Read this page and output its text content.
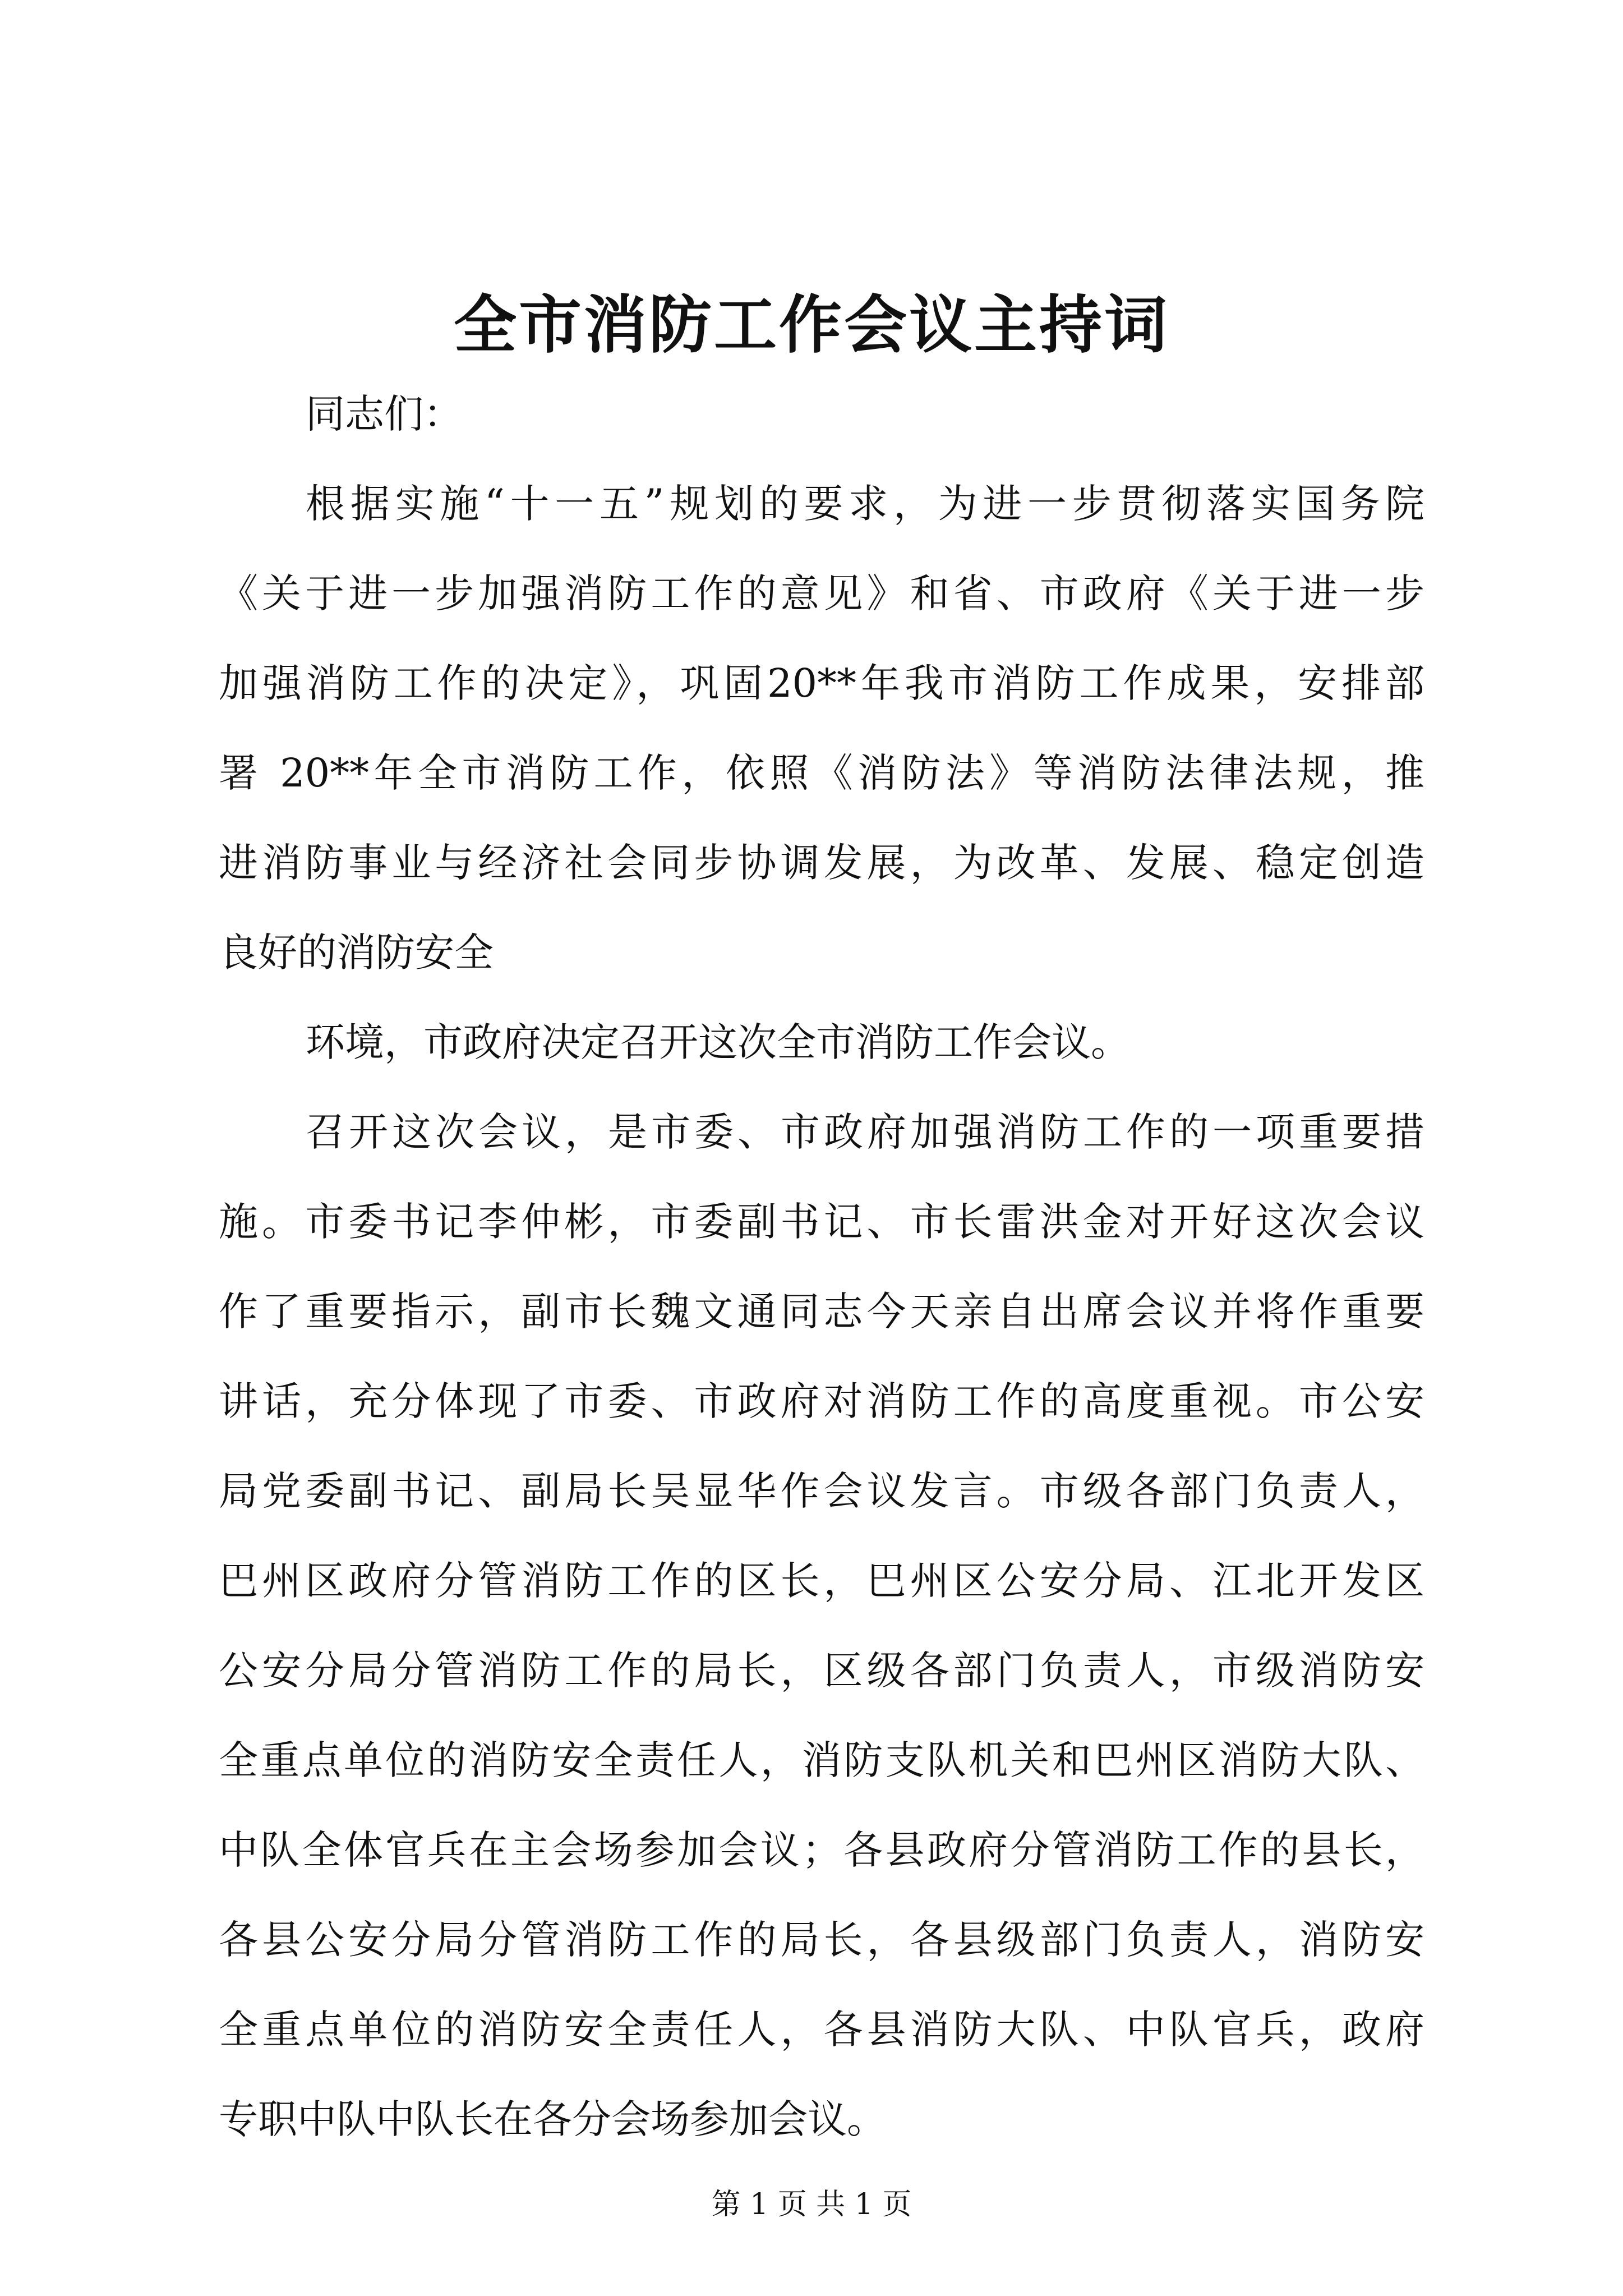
全市消防工作会议主持词
同志们：
根据实施“十一五”规划的要求，为进一步贯彻落实国务院
《关于进一步加强消防工作的意见》和省、市政府《关于进一步
加强消防工作的决定》，巩固20**年我市消防工作成果，安排部
署 20**年全市消防工作，依照《消防法》等消防法律法规，推
进消防事业与经济社会同步协调发展，为改革、发展、稳定创造
良好的消防安全
环境，市政府决定召开这次全市消防工作会议。
召开这次会议，是市委、市政府加强消防工作的一项重要措
施。市委书记李仲彬，市委副书记、市长雷洪金对开好这次会议
作了重要指示，副市长魏文通同志今天亲自出席会议并将作重要
讲话，充分体现了市委、市政府对消防工作的高度重视。市公安
局党委副书记、副局长吴显华作会议发言。市级各部门负责人，
巴州区政府分管消防工作的区长，巴州区公安分局、江北开发区
公安分局分管消防工作的局长，区级各部门负责人，市级消防安
全重点单位的消防安全责任人，消防支队机关和巴州区消防大队、
中队全体官兵在主会场参加会议；各县政府分管消防工作的县长，
各县公安分局分管消防工作的局长，各县级部门负责人，消防安
全重点单位的消防安全责任人，各县消防大队、中队官兵，政府
专职中队中队长在各分会场参加会议。
第 1 页 共 1 页
